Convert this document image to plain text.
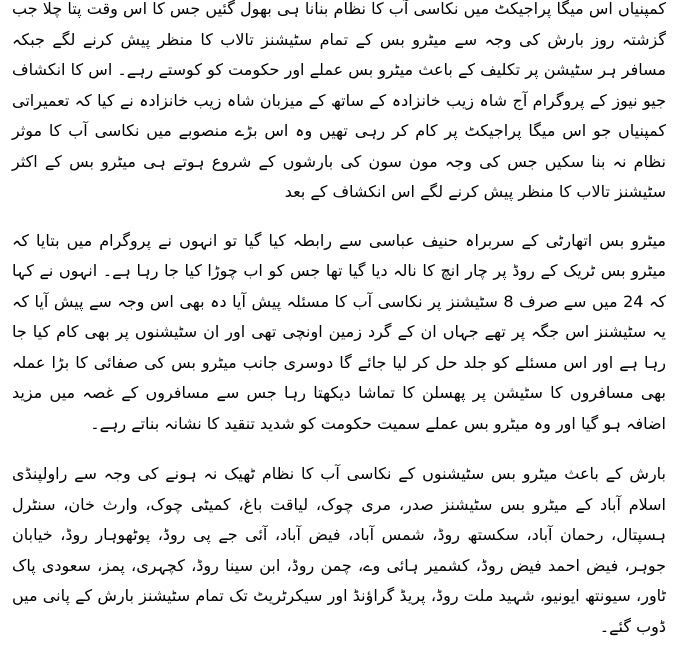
کمپنیاں اس میگا پراجیکٹ میں نکاسی آب کا نظام بنانا ہی بھول گئیں جس کا اس وقت پتا چلا جب گزشتہ روز بارش کی وجہ سے میٹرو بس کے تمام سٹیشنز تالاب کا منظر پیش کرنے لگے جبکہ مسافر ہر سٹیشن پر تکلیف کے باعث میٹرو بس عملے اور حکومت کو کوستے رہے۔ اس کا انکشاف جیو نیوز کے پروگرام آج شاہ زیب خانزادہ کے ساتھ کے میزبان شاہ زیب خانزادہ نے کیا کہ تعمیراتی کمپنیاں جو اس میگا پراجیکٹ پر کام کر رہی تھیں وہ اس بڑے منصوبے میں نکاسی آب کا موثر نظام نہ بنا سکیں جس کی وجہ مون سون کی بارشوں کے شروع ہوتے ہی میٹرو بس کے اکثر سٹیشنز تالاب کا منظر پیش کرنے لگے اس انکشاف کے بعد

میٹرو بس اتھارٹی کے سربراہ حنیف عباسی سے رابطہ کیا گیا تو انہوں نے پروگرام میں بتایا کہ میٹرو بس ٹریک کے روڈ پر چار انچ کا نالہ دیا گیا تھا جس کو اب چوڑا کیا جا رہا ہے۔ انہوں نے کہا کہ 24 میں سے صرف 8 سٹیشنز پر نکاسی آب کا مسئلہ پیش آیا دہ بھی اس وجہ سے پیش آیا کہ یہ سٹیشنز اس جگہ پر تھے جہاں ان کے گرد زمین اونچی تھی اور ان سٹیشنوں پر بھی کام کیا جا رہا ہے اور اس مسئلے کو جلد حل کر لیا جائے گا دوسری جانب میٹرو بس کی صفائی کا بڑا عملہ بھی مسافروں کا سٹیشن پر پھسلن کا تماشا دیکھتا رہا جس سے مسافروں کے غصہ میں مزید اضافہ ہو گیا اور وہ میٹرو بس عملے سمیت حکومت کو شدید تنقید کا نشانہ بناتے رہے۔

بارش کے باعث میٹرو بس سٹیشنوں کے نکاسی آب کا نظام ٹھیک نہ ہونے کی وجہ سے راولپنڈی اسلام آباد کے میٹرو بس سٹیشنز صدر، مری چوک، لیاقت باغ، کمیٹی چوک، وارث خان، سنٹرل ہسپتال، رحمان آباد، سکستھ روڈ، شمس آباد، فیض آباد، آئی جے پی روڈ، پوٹھوہار روڈ، خیابان جوہر، فیض احمد فیض روڈ، کشمیر ہائی وے، چمن روڈ، ابن سینا روڈ، کچہری، پمز، سعودی پاک ٹاور، سیونتھ ایونیو، شہید ملت روڈ، پریڈ گراؤنڈ اور سیکرٹریٹ تک تمام سٹیشنز بارش کے پانی میں ڈوب گئے۔
